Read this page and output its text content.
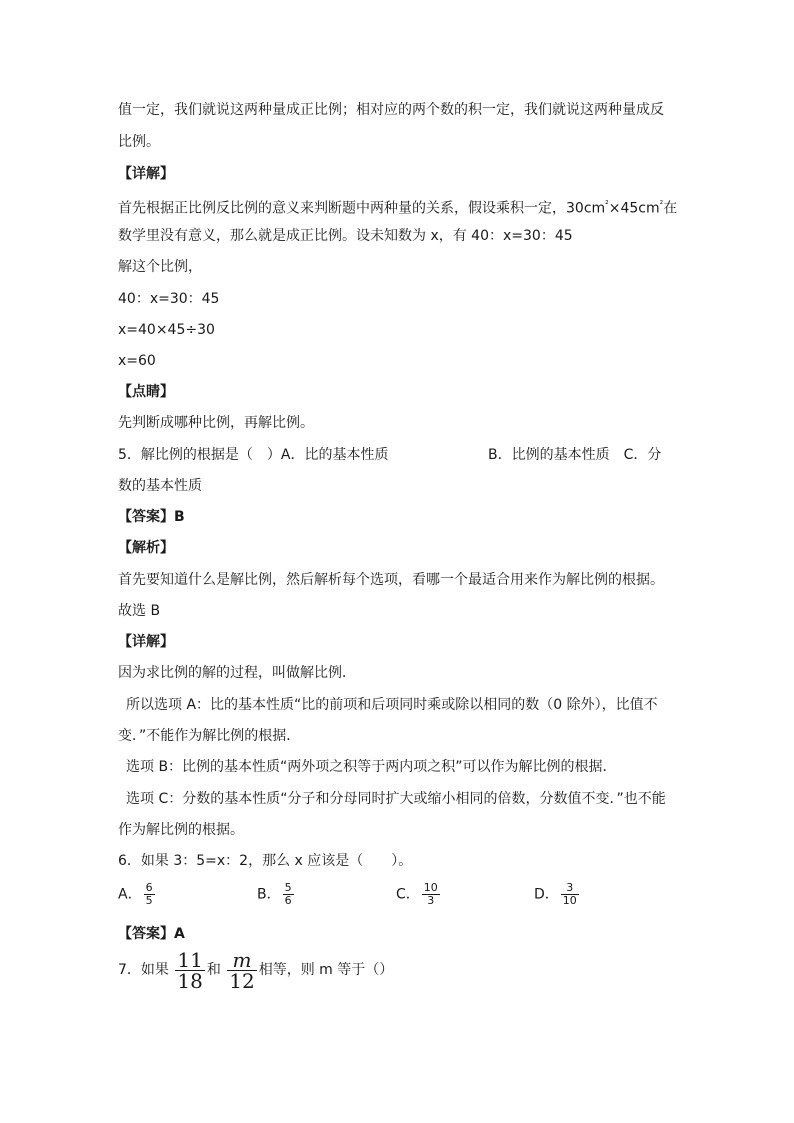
值一定，我们就说这两种量成正比例；相对应的两个数的积一定，我们就说这两种量成反
比例。
【详解】
首先根据正比例反比例的意义来判断题中两种量的关系，假设乘积一定，$30cm^{^2}\times 45cm^{^2}$在
数学里没有意义，那么就是成正比例。设未知数为 x，有 40：x=30：45
解这个比例，
40：x=30：45
x=40×45÷30
x=60
【点睛】
先判断成哪种比例，再解比例。
5．解比例的根据是（　）A．比的基本性质	B．比例的基本性质　C．分
数的基本性质
【答案】B
【解析】
首先要知道什么是解比例，然后解析每个选项，看哪一个最适合用来作为解比例的根据。
故选 B
【详解】
因为求比例的解的过程，叫做解比例．
所以选项 A：比的基本性质“比的前项和后项同时乘或除以相同的数（0 除外），比值不
变．”不能作为解比例的根据．
选项 B：比例的基本性质“两外项之积等于两内项之积”可以作为解比例的根据．
选项 C：分数的基本性质“分子和分母同时扩大或缩小相同的倍数，分数值不变．”也不能
作为解比例的根据。
6．如果 3：5=x：2，那么 x 应该是（　　）。
A． $\frac{6}{5}$	B． $\frac{5}{6}$	C． $\frac{10}{3}$	D． $\frac{3}{10}$
【答案】A
7．如果 $\frac{11}{18}$ 和 $\frac{m}{12}$ 相等，则 m 等于（）
